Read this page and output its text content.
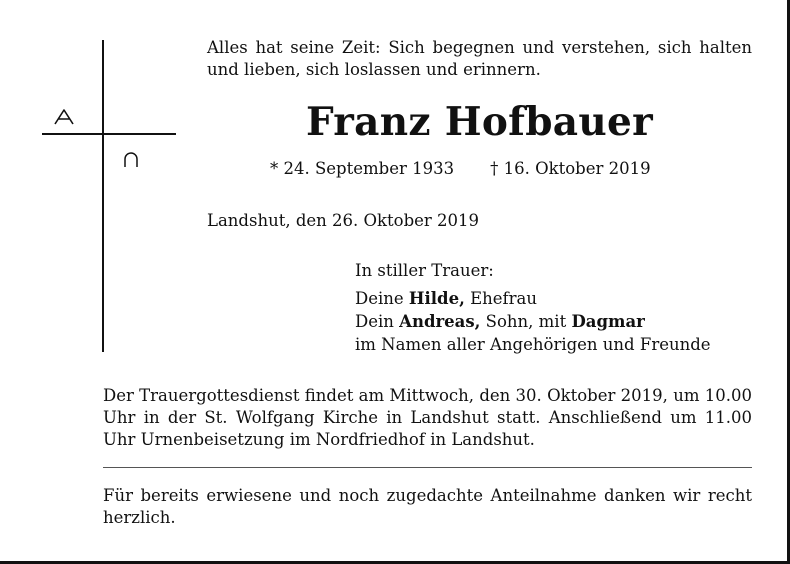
Alles hat seine Zeit: Sich begegnen und verstehen, sich halten und lieben, sich loslassen und erinnern.
Franz Hofbauer
* 24. September 1933 † 16. Oktober 2019
Landshut, den 26. Oktober 2019
In stiller Trauer:
Deine Hilde, Ehefrau
Dein Andreas, Sohn, mit Dagmar
im Namen aller Angehörigen und Freunde
Der Trauergottesdienst findet am Mittwoch, den 30. Oktober 2019, um 10.00 Uhr in der St. Wolfgang Kirche in Landshut statt. Anschließend um 11.00 Uhr Urnenbeisetzung im Nordfriedhof in Landshut.
Für bereits erwiesene und noch zugedachte Anteilnahme danken wir recht herzlich.
